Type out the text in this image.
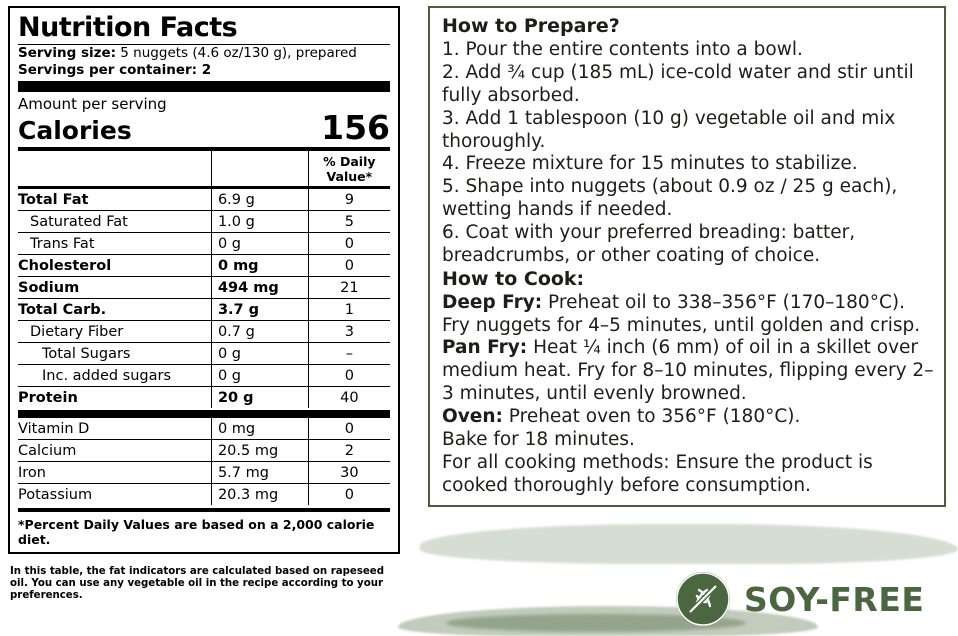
Nutrition Facts
Serving size: 5 nuggets (4.6 oz/130 g), prepared
Servings per container: 2
Amount per serving
Calories	156
		% Daily Value*

Total Fat	6.9 g	9
Saturated Fat	1.0 g	5
Trans Fat	0 g	0
Cholesterol	0 mg	0
Sodium	494 mg	21
Total Carb.	3.7 g	1
Dietary Fiber	0.7 g	3
Total Sugars	0 g	–
Inc. added sugars	0 g	0
Protein	20 g	40
Vitamin D	0 mg	0
Calcium	20.5 mg	2
Iron	5.7 mg	30
Potassium	20.3 mg	0
*Percent Daily Values are based on a 2,000 calorie diet.
In this table, the fat indicators are calculated based on rapeseed oil. You can use any vegetable oil in the recipe according to your preferences.
How to Prepare?
1. Pour the entire contents into a bowl.
2. Add ¾ cup (185 mL) ice-cold water and stir until fully absorbed.
3. Add 1 tablespoon (10 g) vegetable oil and mix thoroughly.
4. Freeze mixture for 15 minutes to stabilize.
5. Shape into nuggets (about 0.9 oz / 25 g each), wetting hands if needed.
6. Coat with your preferred breading: batter, breadcrumbs, or other coating of choice.
How to Cook:
Deep Fry: Preheat oil to 338–356°F (170–180°C). Fry nuggets for 4–5 minutes, until golden and crisp.
Pan Fry: Heat ¼ inch (6 mm) of oil in a skillet over medium heat. Fry for 8–10 minutes, flipping every 2–3 minutes, until evenly browned.
Oven: Preheat oven to 356°F (180°C).
Bake for 18 minutes.
For all cooking methods: Ensure the product is cooked thoroughly before consumption.
SOY-FREE
